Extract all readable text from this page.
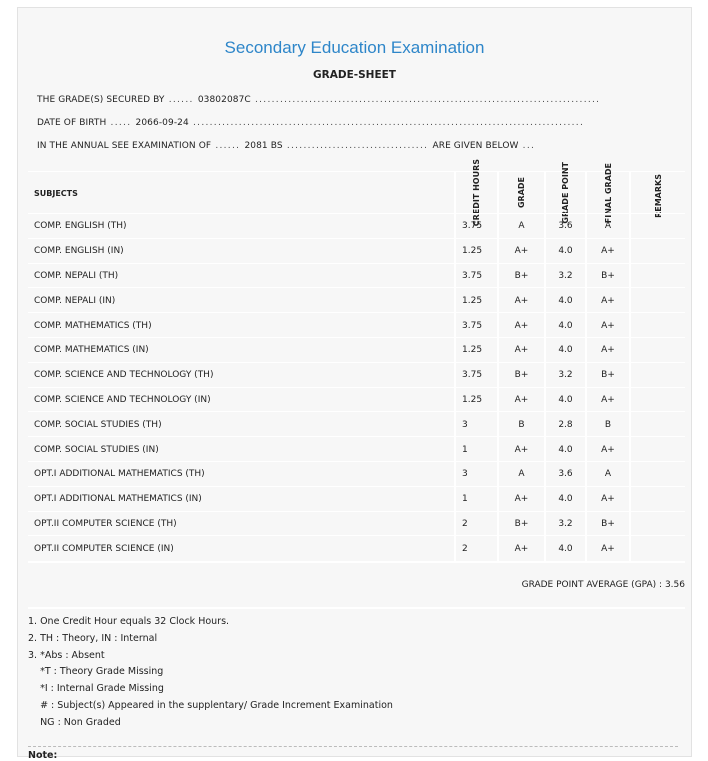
Secondary Education Examination
GRADE-SHEET
THE GRADE(S) SECURED BY ...... 03802087C ...................................................................................
DATE OF BIRTH ..... 2066-09-24 ..............................................................................................
IN THE ANNUAL SEE EXAMINATION OF ...... 2081 BS .................................. ARE GIVEN BELOW ...
SUBJECTS	CREDIT HOURS	GRADE	GRADE POINT	FINAL GRADE	REMARKS
COMP. ENGLISH (TH)	3.75	A	3.6	A
COMP. ENGLISH (IN)	1.25	A+	4.0	A+
COMP. NEPALI (TH)	3.75	B+	3.2	B+
COMP. NEPALI (IN)	1.25	A+	4.0	A+
COMP. MATHEMATICS (TH)	3.75	A+	4.0	A+
COMP. MATHEMATICS (IN)	1.25	A+	4.0	A+
COMP. SCIENCE AND TECHNOLOGY (TH)	3.75	B+	3.2	B+
COMP. SCIENCE AND TECHNOLOGY (IN)	1.25	A+	4.0	A+
COMP. SOCIAL STUDIES (TH)	3	B	2.8	B
COMP. SOCIAL STUDIES (IN)	1	A+	4.0	A+
OPT.I ADDITIONAL MATHEMATICS (TH)	3	A	3.6	A
OPT.I ADDITIONAL MATHEMATICS (IN)	1	A+	4.0	A+
OPT.II COMPUTER SCIENCE (TH)	2	B+	3.2	B+
OPT.II COMPUTER SCIENCE (IN)	2	A+	4.0	A+
GRADE POINT AVERAGE (GPA) : 3.56
1. One Credit Hour equals 32 Clock Hours.
2. TH : Theory, IN : Internal
3. *Abs : Absent
*T : Theory Grade Missing
*I : Internal Grade Missing
# : Subject(s) Appeared in the supplentary/ Grade Increment Examination
NG : Non Graded
Note:
